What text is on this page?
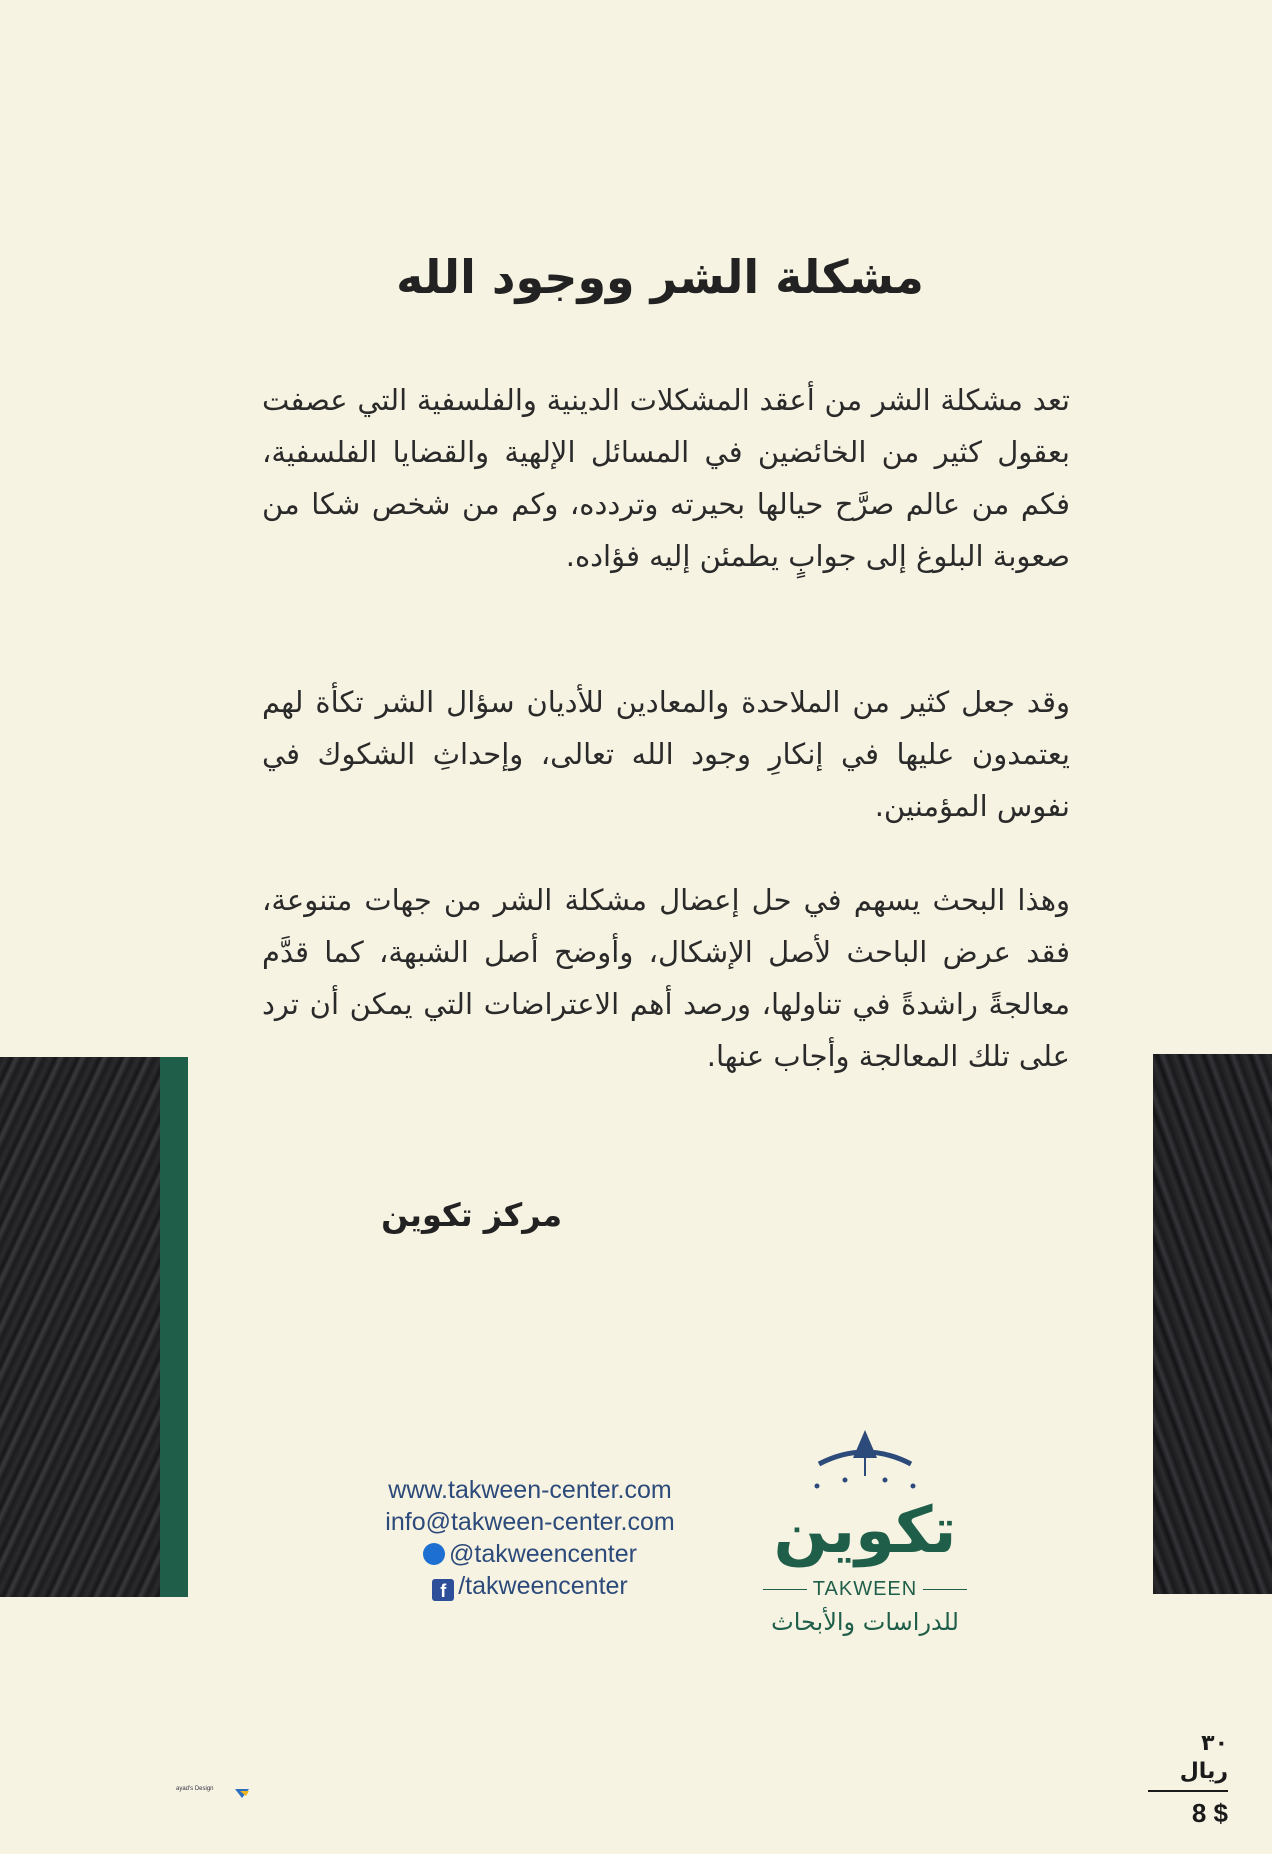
مشكلة الشر ووجود الله
تعد مشكلة الشر من أعقد المشكلات الدينية والفلسفية التي عصفت بعقول كثير من الخائضين في المسائل الإلهية والقضايا الفلسفية، فكم من عالم صرَّح حيالها بحيرته وتردده، وكم من شخص شكا من صعوبة البلوغ إلى جوابٍ يطمئن إليه فؤاده.
وقد جعل كثير من الملاحدة والمعادين للأديان سؤال الشر تكأة لهم يعتمدون عليها في إنكارِ وجود الله تعالى، وإحداثِ الشكوك في نفوس المؤمنين.
وهذا البحث يسهم في حل إعضال مشكلة الشر من جهات متنوعة، فقد عرض الباحث لأصل الإشكال، وأوضح أصل الشبهة، كما قدَّم معالجةً راشدةً في تناولها، ورصد أهم الاعتراضات التي يمكن أن ترد على تلك المعالجة وأجاب عنها.
مركز تكوين
www.takween-center.com
info@takween-center.com
@takweencenter
f /takweencenter
تكوين
TAKWEEN
للدراسات والأبحاث
٣٠ ريال
8 $
ayad's Design
